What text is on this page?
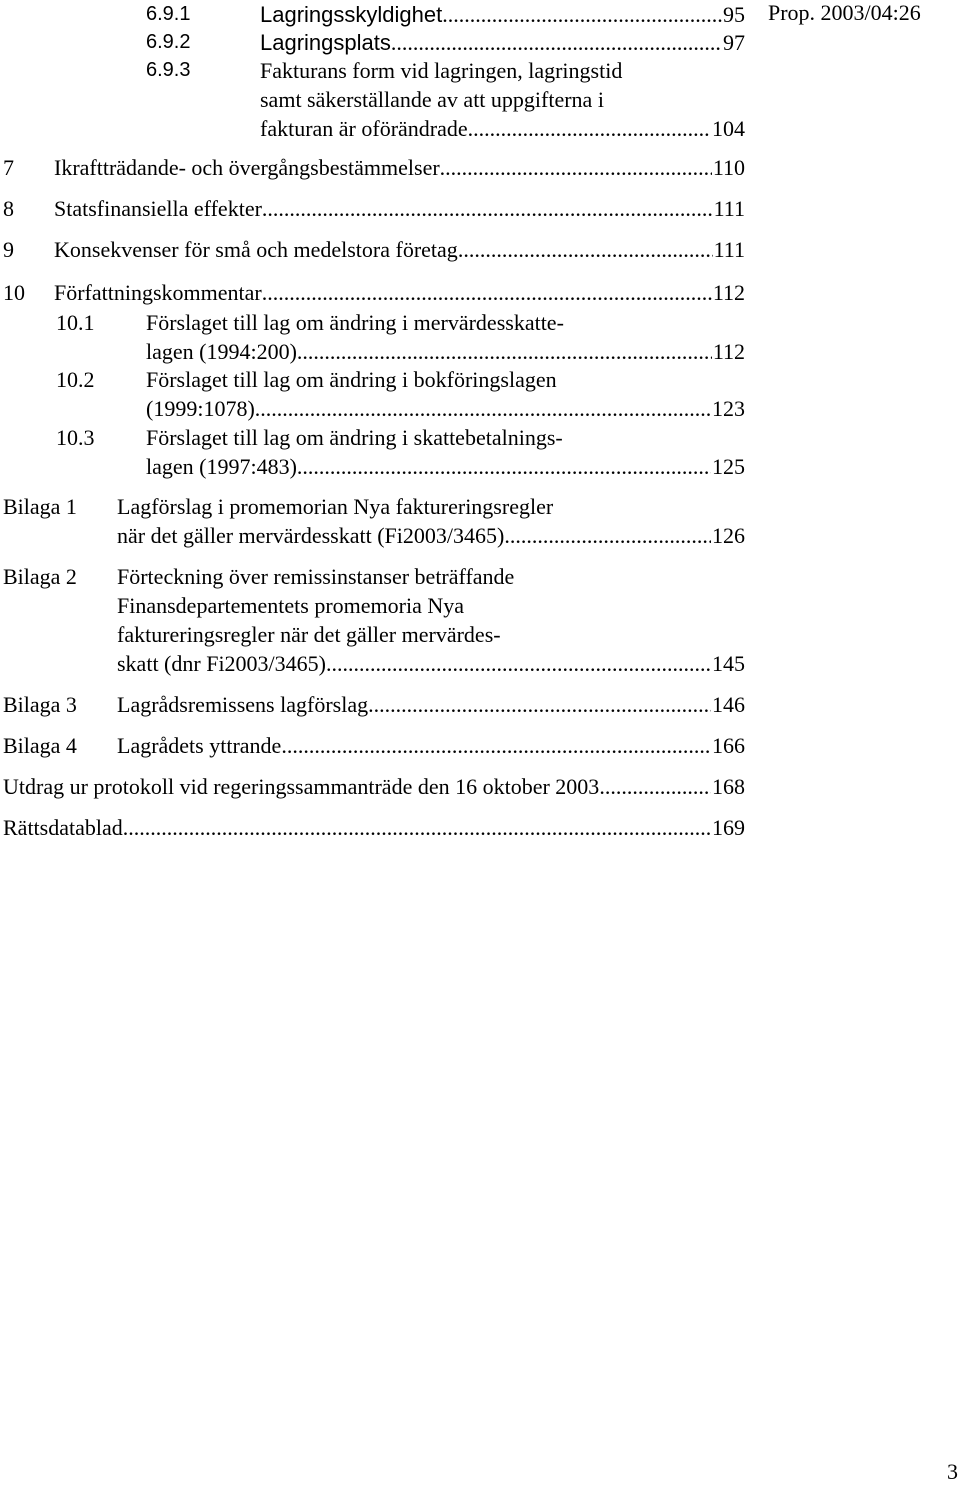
Prop. 2003/04:26
6.9.1	Lagringsskyldighet .....	95
6.9.2	Lagringsplats .....	97
6.9.3	Fakturans form vid lagringen, lagringstid
samt säkerställande av att uppgifterna i
fakturan är oförändrade .....	104
7 Ikraftträdande- och övergångsbestämmelser .....	110
8 Statsfinansiella effekter .....	111
9 Konsekvenser för små och medelstora företag .....	111
10 Författningskommentar .....	112
10.1 Förslaget till lag om ändring i mervärdesskatte-
lagen (1994:200) .....	112
10.2 Förslaget till lag om ändring i bokföringslagen
(1999:1078) .....	123
10.3 Förslaget till lag om ändring i skattebetalnings-
lagen (1997:483) .....	125
Bilaga 1 Lagförslag i promemorian Nya faktureringsregler
när det gäller mervärdesskatt (Fi2003/3465) .....	126
Bilaga 2 Förteckning över remissinstanser beträffande
Finansdepartementets promemoria Nya
faktureringsregler när det gäller mervärdes-
skatt (dnr Fi2003/3465) .....	145
Bilaga 3 Lagrådsremissens lagförslag .....	146
Bilaga 4 Lagrådets yttrande .....	166
Utdrag ur protokoll vid regeringssammanträde den 16 oktober 2003 .....	168
Rättsdatablad .....	169
3
